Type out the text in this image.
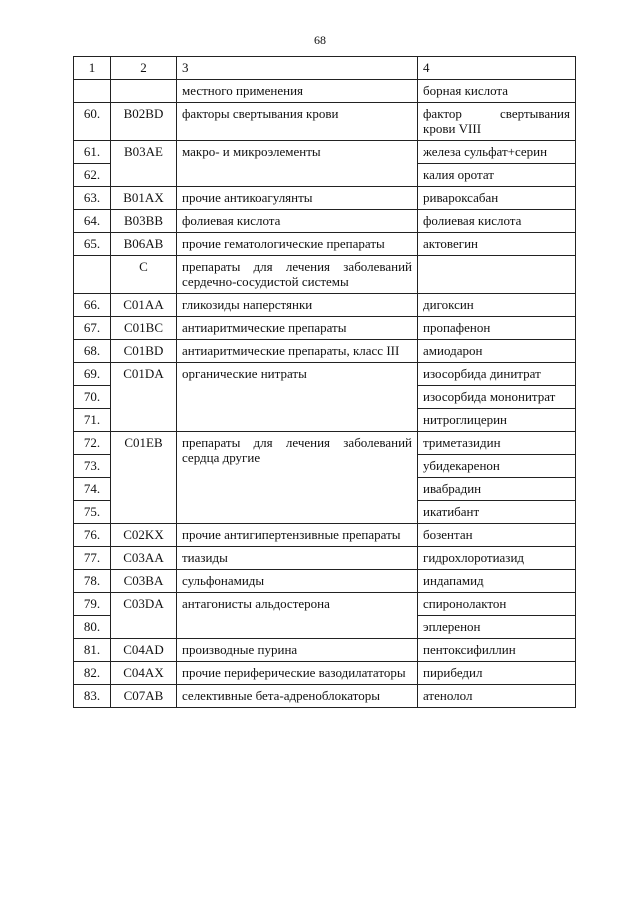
68
1	2	3	4
		местного применения	борная кислота
60.	B02BD	факторы свертывания крови	фактор свертывания крови VIII
61.	B03AE	макро- и микроэлементы	железа сульфат+серин
62.			калия оротат
63.	B01AX	прочие антикоагулянты	ривароксабан
64.	B03BB	фолиевая кислота	фолиевая кислота
65.	B06AB	прочие гематологические препараты	актовегин
	C	препараты для лечения заболеваний сердечно-сосудистой системы	
66.	C01AA	гликозиды наперстянки	дигоксин
67.	C01BC	антиаритмические препараты	пропафенон
68.	C01BD	антиаритмические препараты, класс III	амиодарон
69.	C01DA	органические нитраты	изосорбида динитрат
70.			изосорбида мононитрат
71.			нитроглицерин
72.	C01EB	препараты для лечения заболеваний сердца другие	триметазидин
73.			убидекаренон
74.			ивабрадин
75.			икатибант
76.	C02KX	прочие антигипертензивные препараты	бозентан
77.	C03AA	тиазиды	гидрохлоротиазид
78.	C03BA	сульфонамиды	индапамид
79.	C03DA	антагонисты альдостерона	спиронолактон
80.			эплеренон
81.	C04AD	производные пурина	пентоксифиллин
82.	C04AX	прочие периферические вазодилататоры	пирибедил
83.	C07AB	селективные бета-адреноблокаторы	атенолол
